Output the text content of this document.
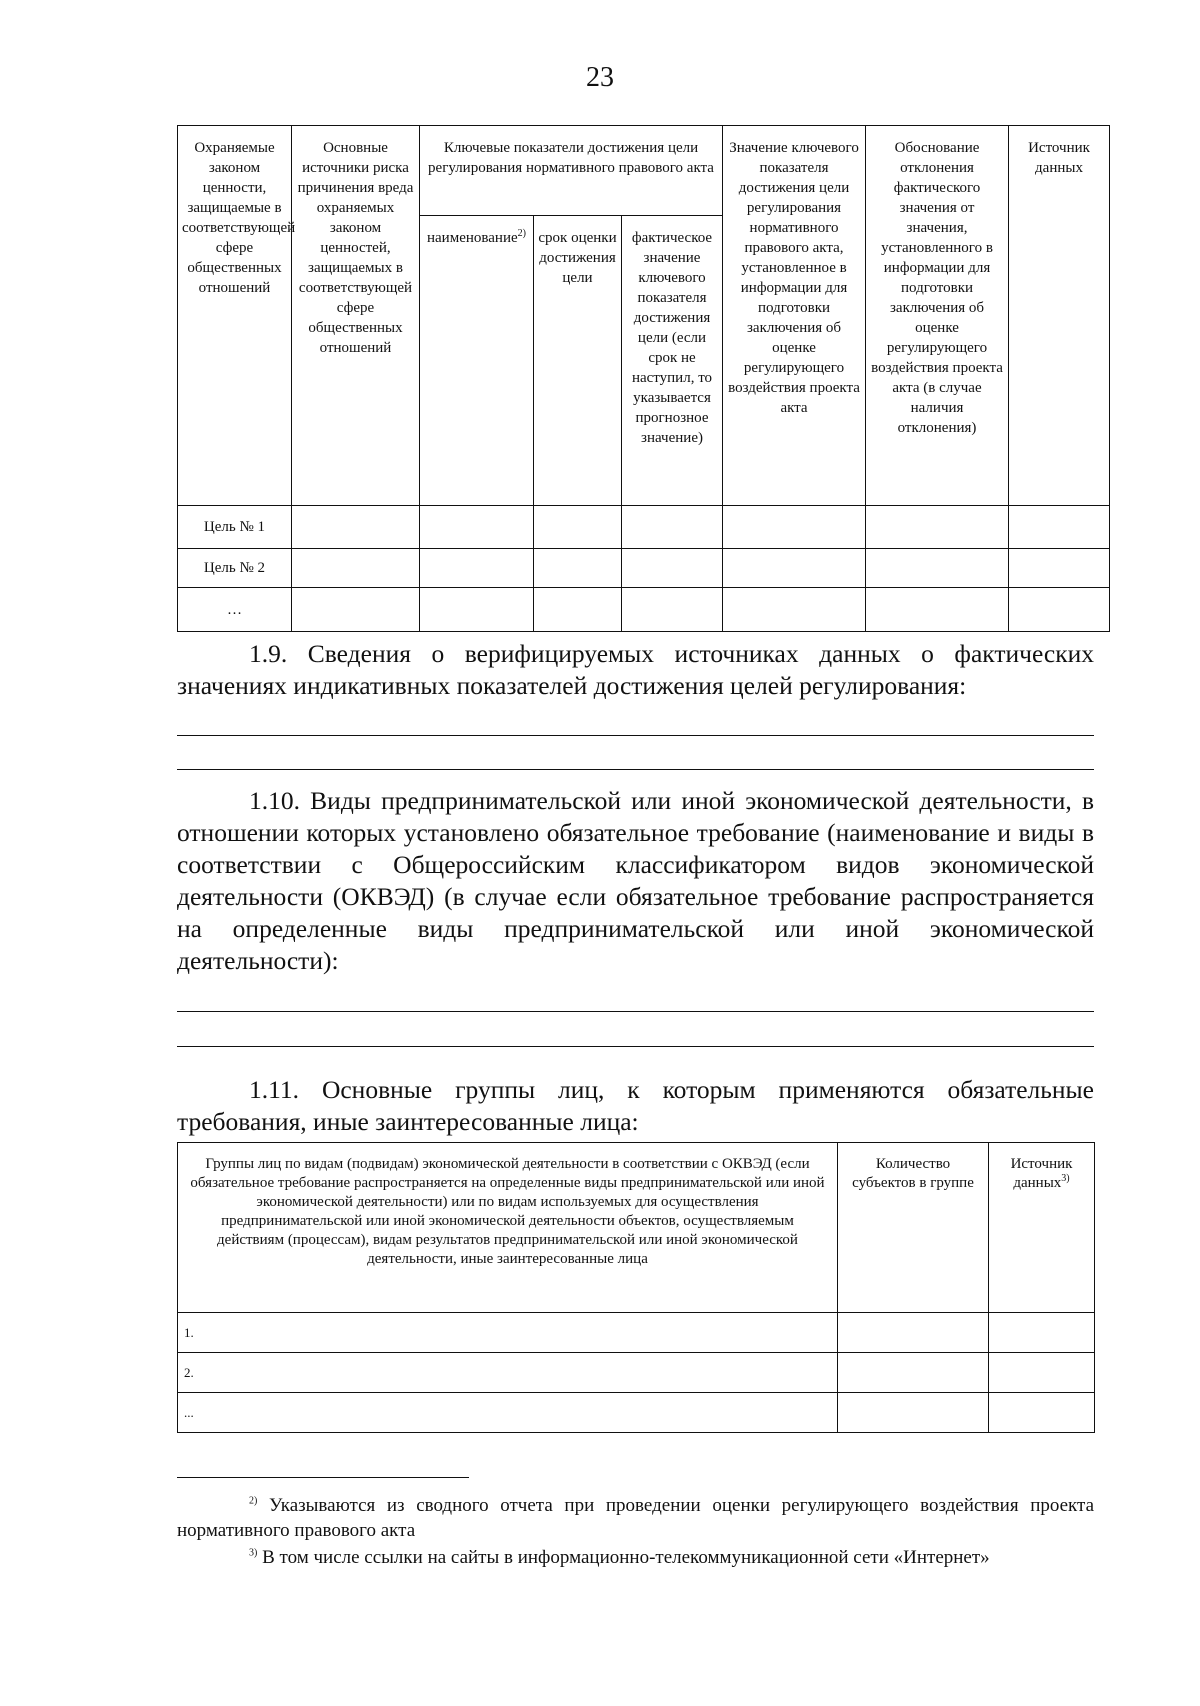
23
Охраняемые законом ценности, защищаемые в соответствующей сфере общественных отношений	Основные источники риска причинения вреда охраняемых законом ценностей, защищаемых в соответствующей сфере общественных отношений	Ключевые показатели достижения цели регулирования нормативного правового акта			Значение ключевого показателя достижения цели регулирования нормативного правового акта, установленное в информации для подготовки заключения об оценке регулирующего воздействия проекта акта	Обоснование отклонения фактического значения от значения, установленного в информации для подготовки заключения об оценке регулирующего воздействия проекта акта (в случае наличия отклонения)	Источник данных
		наименование$^{2)}$	срок оценки достижения цели	фактическое значение ключевого показателя достижения цели (если срок не наступил, то указывается прогнозное значение)			
Цель № 1							
Цель № 2							
…							
1.9. Сведения о верифицируемых источниках данных о фактических значениях индикативных показателей достижения целей регулирования:
1.10. Виды предпринимательской или иной экономической деятельности, в отношении которых установлено обязательное требование (наименование и виды в соответствии с Общероссийским классификатором видов экономической деятельности (ОКВЭД) (в случае если обязательное требование распространяется на определенные виды предпринимательской или иной экономической деятельности):
1.11. Основные группы лиц, к которым применяются обязательные требования, иные заинтересованные лица:
Группы лиц по видам (подвидам) экономической деятельности в соответствии с ОКВЭД (если обязательное требование распространяется на определенные виды предпринимательской или иной экономической деятельности) или по видам используемых для осуществления предпринимательской или иной экономической деятельности объектов, осуществляемым действиям (процессам), видам результатов предпринимательской или иной экономической деятельности, иные заинтересованные лица	Количество субъектов в группе	Источник данных$^{3)}$
1.		
2.		
...		
$^{2)}$ Указываются из сводного отчета при проведении оценки регулирующего воздействия проекта нормативного правового акта
$^{3)}$ В том числе ссылки на сайты в информационно-телекоммуникационной сети «Интернет»
